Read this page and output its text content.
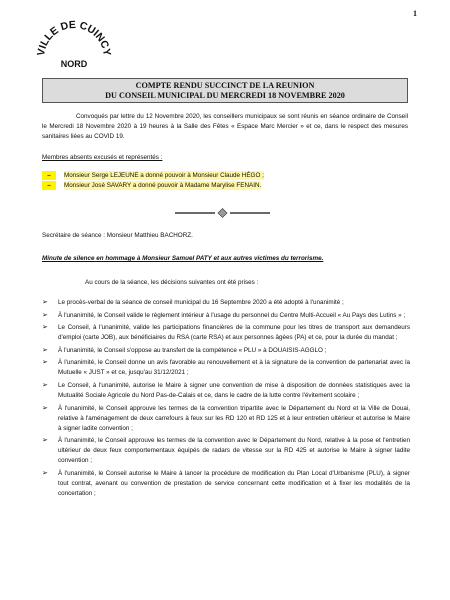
1
VILLE DE CUINCY
NORD
COMPTE RENDU SUCCINCT DE LA REUNION
DU CONSEIL MUNICIPAL DU MERCREDI 18 NOVEMBRE 2020

Convoqués par lettre du 12 Novembre 2020, les conseillers municipaux se sont réunis en séance ordinaire de Conseil le Mercredi 18 Novembre 2020 à 19 heures à la Salle des Fêtes « Espace Marc Mercier » et ce, dans le respect des mesures sanitaires liées au COVID 19.

Membres absents excusés et représentés :
–	Monsieur Serge LEJEUNE a donné pouvoir à Monsieur Claude HÉGO ;
–	Monsieur José SAVARY a donné pouvoir à Madame Marylise FENAIN.
Secrétaire de séance : Monsieur Matthieu BACHORZ.
Minute de silence en hommage à Monsieur Samuel PATY et aux autres victimes du terrorisme.
Au cours de la séance, les décisions suivantes ont été prises :
➢ Le procès-verbal de la séance de conseil municipal du 16 Septembre 2020 a été adopté à l'unanimité ;
➢ À l'unanimité, le Conseil valide le règlement intérieur à l'usage du personnel du Centre Multi-Accueil « Au Pays des Lutins » ;
➢ Le Conseil, à l'unanimité, valide les participations financières de la commune pour les titres de transport aux demandeurs d'emploi (carte JOB), aux bénéficiaires du RSA (carte RSA) et aux personnes âgées (PA) et ce, pour la durée du mandat ;
➢ À l'unanimité, le Conseil s'oppose au transfert de la compétence « PLU » à DOUAISIS-AGGLO ;
➢ À l'unanimité, le Conseil donne un avis favorable au renouvellement et à la signature de la convention de partenariat avec la Mutuelle « JUST » et ce, jusqu'au 31/12/2021 ;
➢ Le Conseil, à l'unanimité, autorise le Maire à signer une convention de mise à disposition de données statistiques avec la Mutualité Sociale Agricole du Nord Pas-de-Calais et ce, dans le cadre de la lutte contre l'évitement scolaire ;
➢ À l'unanimité, le Conseil approuve les termes de la convention tripartite avec le Département du Nord et la Ville de Douai, relative à l'aménagement de deux carrefours à feux sur les RD 120 et RD 125 et à leur entretien ultérieur et autorise le Maire à signer ladite convention ;
➢ À l'unanimité, le Conseil approuve les termes de la convention avec le Département du Nord, relative à la pose et l'entretien ultérieur de deux feux comportementaux équipés de radars de vitesse sur la RD 425 et autorise le Maire à signer ladite convention ;
➢ À l'unanimité, le Conseil autorise le Maire à lancer la procédure de modification du Plan Local d'Urbanisme (PLU), à signer tout contrat, avenant ou convention de prestation de service concernant cette modification et à fixer les modalités de la concertation ;
